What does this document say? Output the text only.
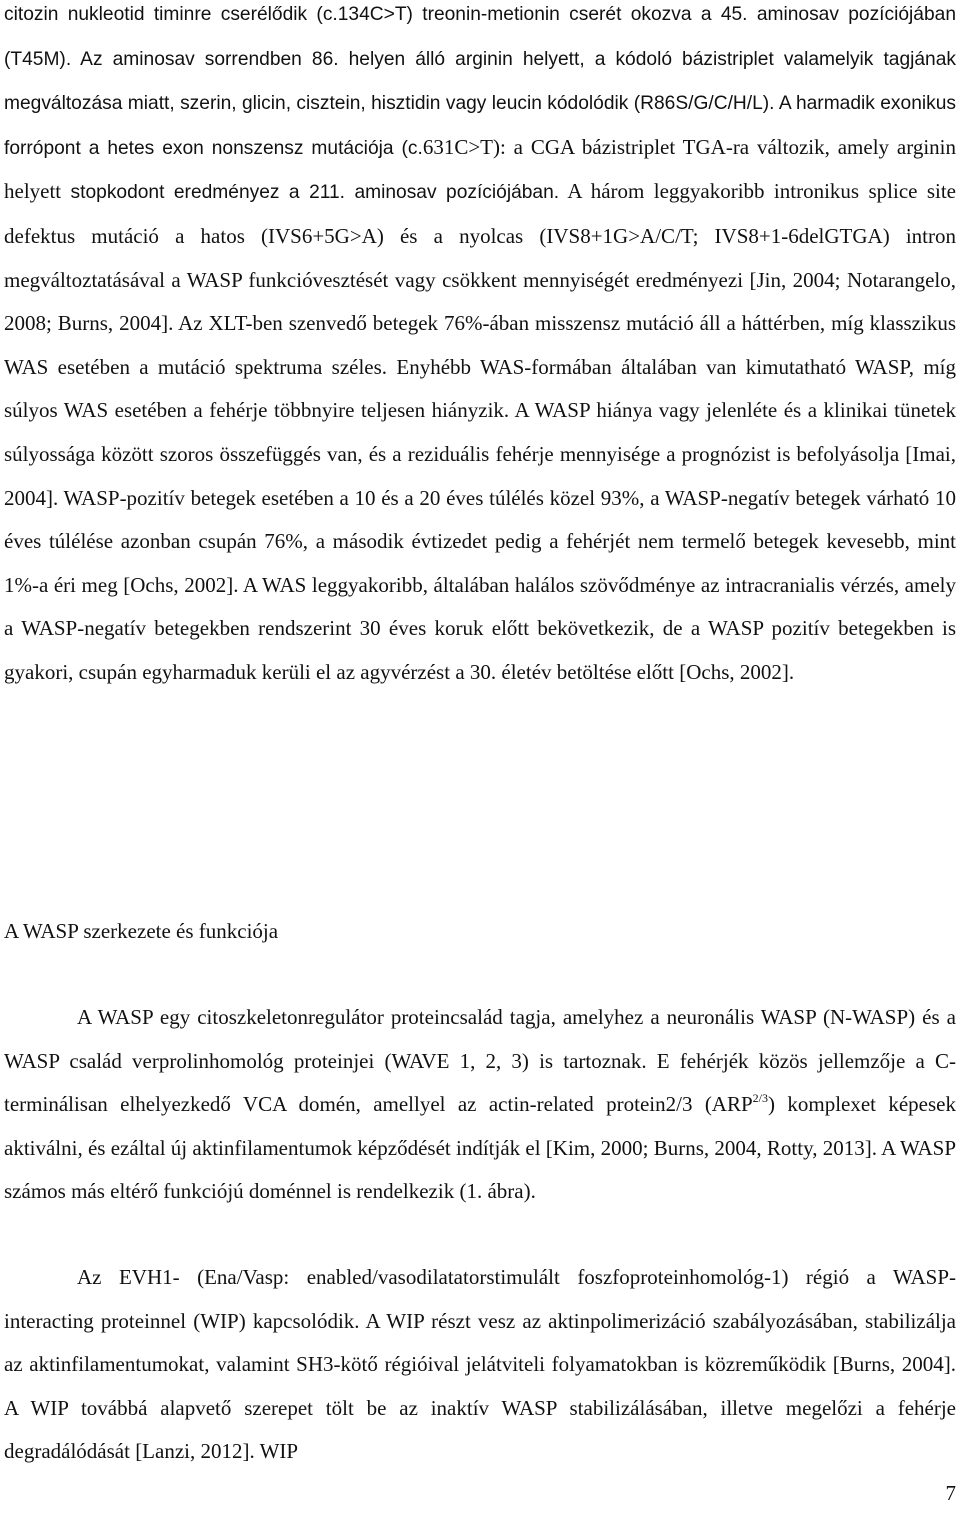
citozin nukleotid timinre cserélődik (c.134C>T) treonin-metionin cserét okozva a 45. aminosav pozíciójában (T45M). Az aminosav sorrendben 86. helyen álló arginin helyett, a kódoló bázistriplet valamelyik tagjának megváltozása miatt, szerin, glicin, cisztein, hisztidin vagy leucin kódolódik (R86S/G/C/H/L). A harmadik exonikus forrópont a hetes exon nonszensz mutációja (c.631C>T): a CGA bázistriplet TGA-ra változik, amely arginin helyett stopkodont eredményez a 211. aminosav pozíciójában. A három leggyakoribb intronikus splice site defektus mutáció a hatos (IVS6+5G>A) és a nyolcas (IVS8+1G>A/C/T; IVS8+1-6delGTGA) intron megváltoztatásával a WASP funkcióvesztését vagy csökkent mennyiségét eredményezi [Jin, 2004; Notarangelo, 2008; Burns, 2004]. Az XLT-ben szenvedő betegek 76%-ában misszensz mutáció áll a háttérben, míg klasszikus WAS esetében a mutáció spektruma széles. Enyhébb WAS-formában általában van kimutatható WASP, míg súlyos WAS esetében a fehérje többnyire teljesen hiányzik. A WASP hiánya vagy jelenléte és a klinikai tünetek súlyossága között szoros összefüggés van, és a reziduális fehérje mennyisége a prognózist is befolyásolja [Imai, 2004]. WASP-pozitív betegek esetében a 10 és a 20 éves túlélés közel 93%, a WASP-negatív betegek várható 10 éves túlélése azonban csupán 76%, a második évtizedet pedig a fehérjét nem termelő betegek kevesebb, mint 1%-a éri meg [Ochs, 2002]. A WAS leggyakoribb, általában halálos szövődménye az intracranialis vérzés, amely a WASP-negatív betegekben rendszerint 30 éves koruk előtt bekövetkezik, de a WASP pozitív betegekben is gyakori, csupán egyharmaduk kerüli el az agyvérzést a 30. életév betöltése előtt [Ochs, 2002].

A WASP szerkezete és funkciója

A WASP egy citoszkeletonregulátor proteincsalád tagja, amelyhez a neuronális WASP (N-WASP) és a WASP család verprolinhomológ proteinjei (WAVE 1, 2, 3) is tartoznak. E fehérjék közös jellemzője a C-terminálisan elhelyezkedő VCA domén, amellyel az actin-related protein2/3 $(ARP^{2/3})$ komplexet képesek aktiválni, és ezáltal új aktinfilamentumok képződését indítják el [Kim, 2000; Burns, 2004, Rotty, 2013]. A WASP számos más eltérő funkciójú doménnel is rendelkezik (1. ábra).

Az EVH1- (Ena/Vasp: enabled/vasodilatatorstimulált foszfoproteinhomológ-1) régió a WASP-interacting proteinnel (WIP) kapcsolódik. A WIP részt vesz az aktinpolimerizáció szabályozásában, stabilizálja az aktinfilamentumokat, valamint SH3-kötő régióival jelátviteli folyamatokban is közreműködik [Burns, 2004]. A WIP továbbá alapvető szerepet tölt be az inaktív WASP stabilizálásában, illetve megelőzi a fehérje degradálódását [Lanzi, 2012]. WIP

7
